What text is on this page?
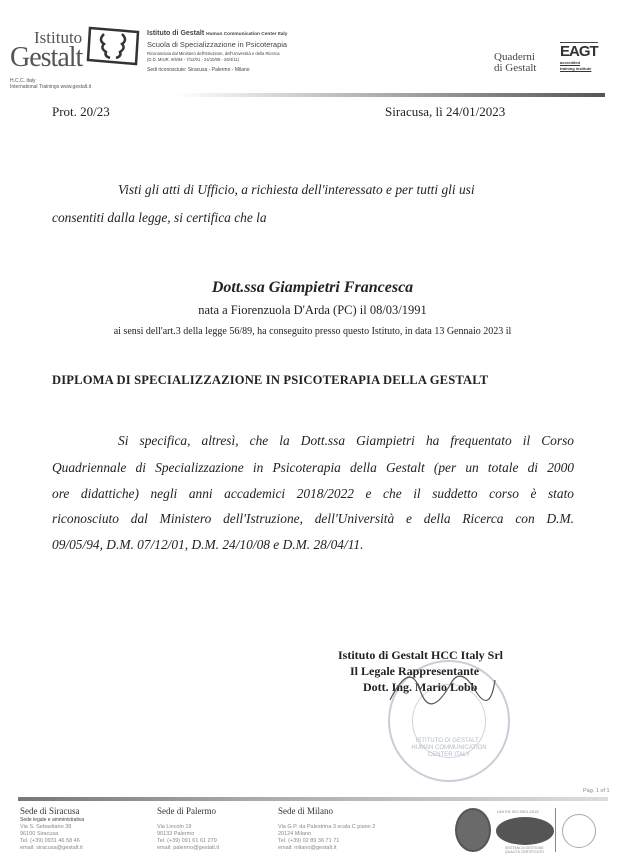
Istituto
Gestalt
H.C.C. Italy
International Trainings www.gestalt.it
Istituto di Gestalt Human Communication Center Italy
Scuola di Specializzazione in Psicoterapia
Riconosciuta dal Ministero dell'Istruzione, dell'Università e della Ricerca
(D.D. MIUR. 9/5/94 - 7/12/01 - 24/10/08 - 28/4/11)
Sedi riconosciute: Siracusa - Palermo - Milano
Quaderni
di Gestalt
EAGT
accredited
training institute
Prot. 20/23	Siracusa, lì 24/01/2023
Visti gli atti di Ufficio, a richiesta dell'interessato e per tutti gli usi
consentiti dalla legge, si certifica che la
Dott.ssa Giampietri Francesca
nata a Fiorenzuola D'Arda (PC) il 08/03/1991
ai sensi dell'art.3 della legge 56/89, ha conseguito presso questo Istituto, in data 13 Gennaio 2023 il
DIPLOMA DI SPECIALIZZAZIONE IN PSICOTERAPIA DELLA GESTALT
Si specifica, altresì, che la Dott.ssa Giampietri ha frequentato il Corso
Quadriennale di Specializzazione in Psicoterapia della Gestalt (per un totale di 2000
ore didattiche) negli anni accademici 2018/2022 e che il suddetto corso è stato
riconosciuto dal Ministero dell'Istruzione, dell'Università e della Ricerca con D.M.
09/05/94, D.M. 07/12/01, D.M. 24/10/08 e D.M. 28/04/11.
ISTITUTO DI GESTALT · HUMAN COMMUNICATION CENTER ITALY
Istituto di Gestalt HCC Italy Srl
Il Legale Rappresentante
Dott. Ing. Mario Lobb
Pag. 1 of 1
Sede di Siracusa
Sede legale e amministrativa
Via S. Sebastiano 38
96100 Siracusa
Tel. (+39) 0931 46 58 46
email: siracusa@gestalt.it
Sede di Palermo
Via Lincoln 19
90133 Palermo
Tel. (+39) 091 61 61 279
email: palermo@gestalt.it
Sede di Milano
Via G.P. da Palestrina 3 scala C piano 2
20124 Milano
Tel. (+39) 02 89 36 71 71
email: milano@gestalt.it
UNI EN ISO 9001:2015
SISTEMA DI GESTIONE QUALITÀ CERTIFICATO
